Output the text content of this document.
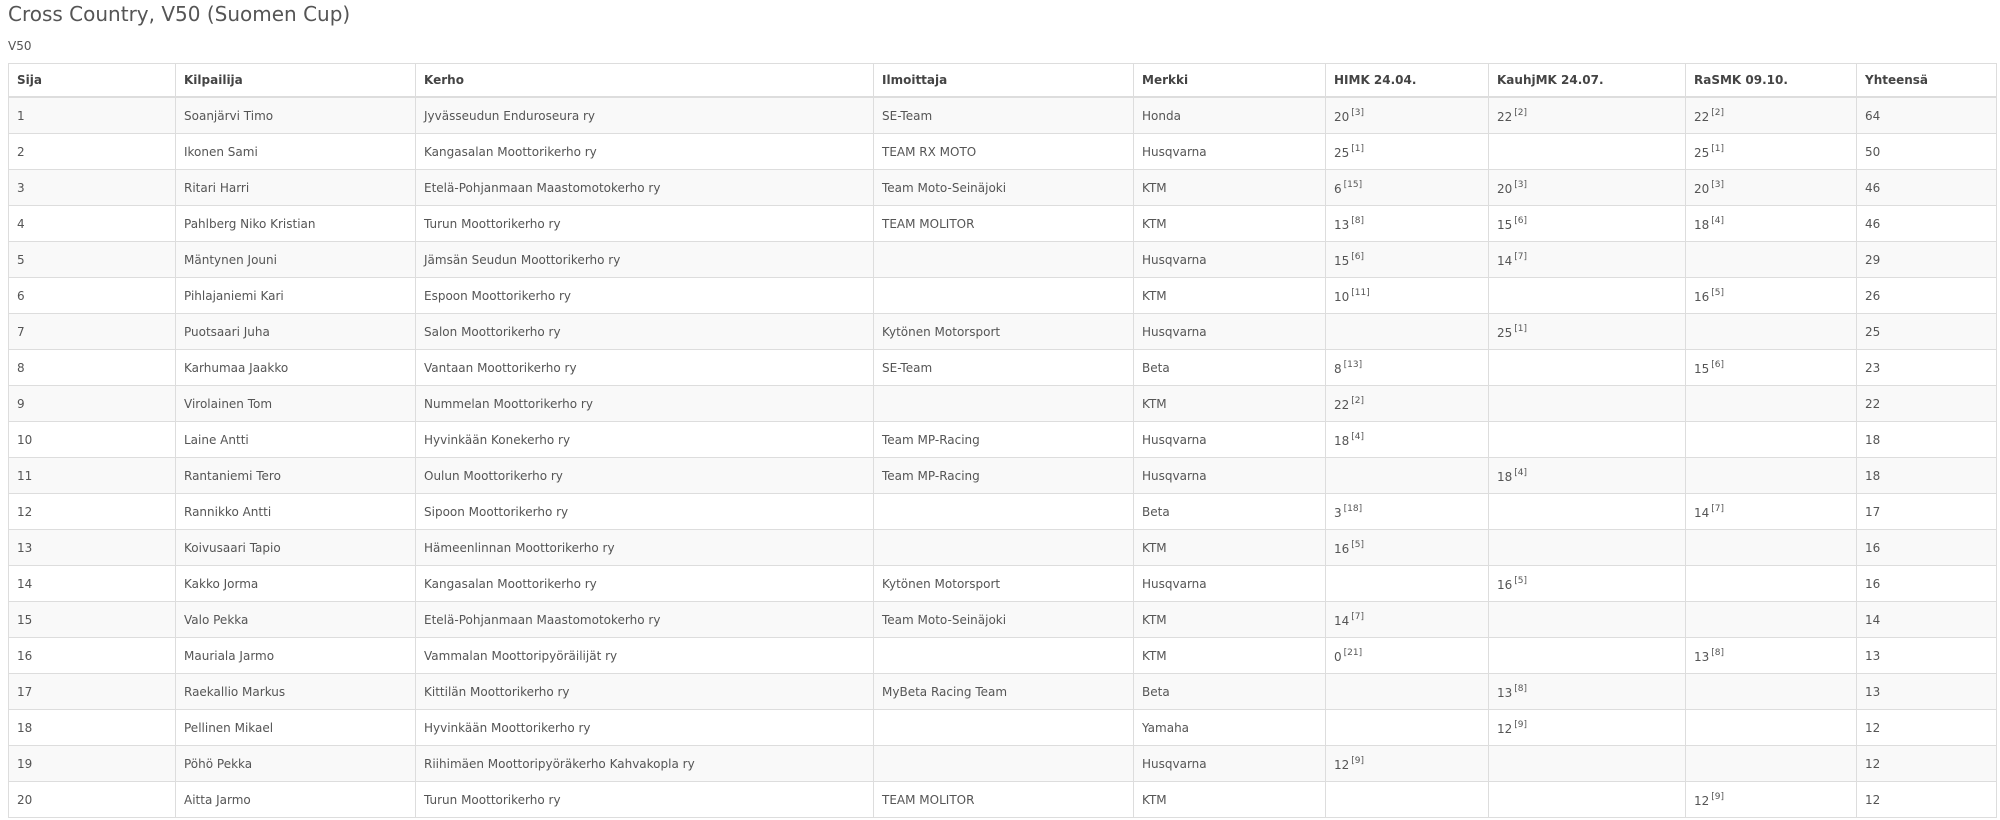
Cross Country, V50 (Suomen Cup)
V50
Sija	Kilpailija	Kerho	Ilmoittaja	Merkki	HIMK 24.04.	KauhjMK 24.07.	RaSMK 09.10.	Yhteensä
1	Soanjärvi Timo	Jyvässeudun Enduroseura ry	SE-Team	Honda	20 [3]	22 [2]	22 [2]	64
2	Ikonen Sami	Kangasalan Moottorikerho ry	TEAM RX MOTO	Husqvarna	25 [1]		25 [1]	50
3	Ritari Harri	Etelä-Pohjanmaan Maastomotokerho ry	Team Moto-Seinäjoki	KTM	6 [15]	20 [3]	20 [3]	46
4	Pahlberg Niko Kristian	Turun Moottorikerho ry	TEAM MOLITOR	KTM	13 [8]	15 [6]	18 [4]	46
5	Mäntynen Jouni	Jämsän Seudun Moottorikerho ry		Husqvarna	15 [6]	14 [7]		29
6	Pihlajaniemi Kari	Espoon Moottorikerho ry		KTM	10 [11]		16 [5]	26
7	Puotsaari Juha	Salon Moottorikerho ry	Kytönen Motorsport	Husqvarna		25 [1]		25
8	Karhumaa Jaakko	Vantaan Moottorikerho ry	SE-Team	Beta	8 [13]		15 [6]	23
9	Virolainen Tom	Nummelan Moottorikerho ry		KTM	22 [2]			22
10	Laine Antti	Hyvinkään Konekerho ry	Team MP-Racing	Husqvarna	18 [4]			18
11	Rantaniemi Tero	Oulun Moottorikerho ry	Team MP-Racing	Husqvarna		18 [4]		18
12	Rannikko Antti	Sipoon Moottorikerho ry		Beta	3 [18]		14 [7]	17
13	Koivusaari Tapio	Hämeenlinnan Moottorikerho ry		KTM	16 [5]			16
14	Kakko Jorma	Kangasalan Moottorikerho ry	Kytönen Motorsport	Husqvarna		16 [5]		16
15	Valo Pekka	Etelä-Pohjanmaan Maastomotokerho ry	Team Moto-Seinäjoki	KTM	14 [7]			14
16	Mauriala Jarmo	Vammalan Moottoripyöräilijät ry		KTM	0 [21]		13 [8]	13
17	Raekallio Markus	Kittilän Moottorikerho ry	MyBeta Racing Team	Beta		13 [8]		13
18	Pellinen Mikael	Hyvinkään Moottorikerho ry		Yamaha		12 [9]		12
19	Pöhö Pekka	Riihimäen Moottoripyöräkerho Kahvakopla ry		Husqvarna	12 [9]			12
20	Aitta Jarmo	Turun Moottorikerho ry	TEAM MOLITOR	KTM			12 [9]	12
